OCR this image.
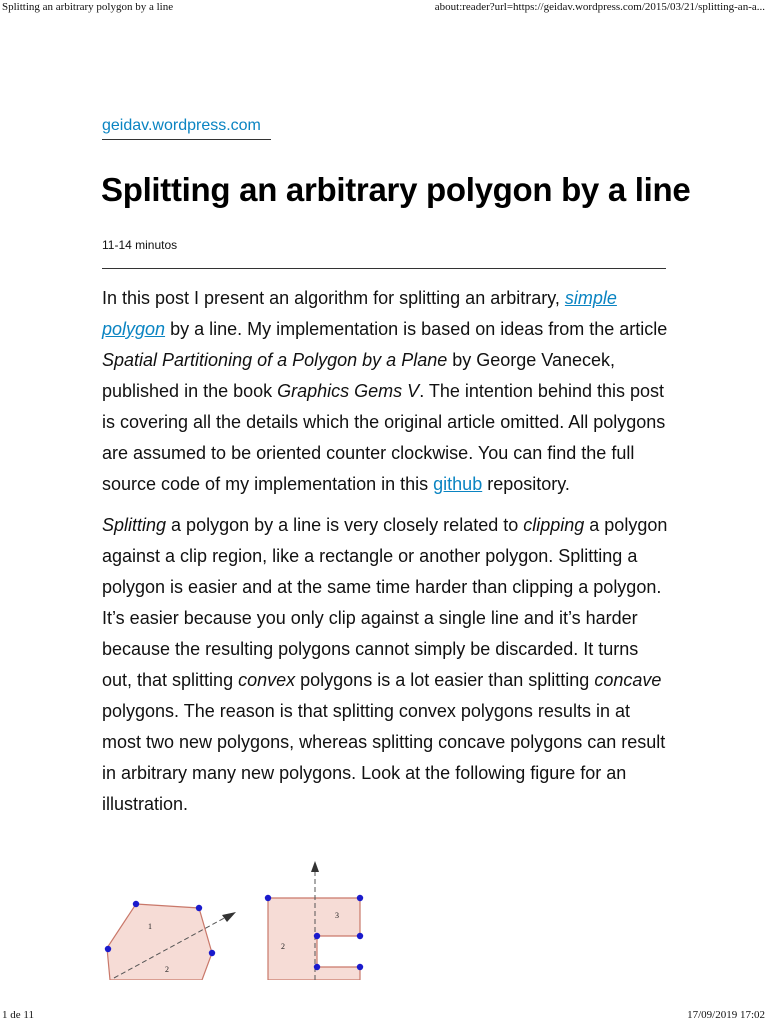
Splitting an arbitrary polygon by a line	about:reader?url=https://geidav.wordpress.com/2015/03/21/splitting-an-a...
geidav.wordpress.com
Splitting an arbitrary polygon by a line
11-14 minutos

In this post I present an algorithm for splitting an arbitrary, simple polygon by a line. My implementation is based on ideas from the article Spatial Partitioning of a Polygon by a Plane by George Vanecek, published in the book Graphics Gems V. The intention behind this post is covering all the details which the original article omitted. All polygons are assumed to be oriented counter clockwise. You can find the full source code of my implementation in this github repository.

Splitting a polygon by a line is very closely related to clipping a polygon against a clip region, like a rectangle or another polygon. Splitting a polygon is easier and at the same time harder than clipping a polygon. It’s easier because you only clip against a single line and it’s harder because the resulting polygons cannot simply be discarded. It turns out, that splitting convex polygons is a lot easier than splitting concave polygons. The reason is that splitting convex polygons results in at most two new polygons, whereas splitting concave polygons can result in arbitrary many new polygons. Look at the following figure for an illustration.

1
2
2
3
1 de 11	17/09/2019 17:02
